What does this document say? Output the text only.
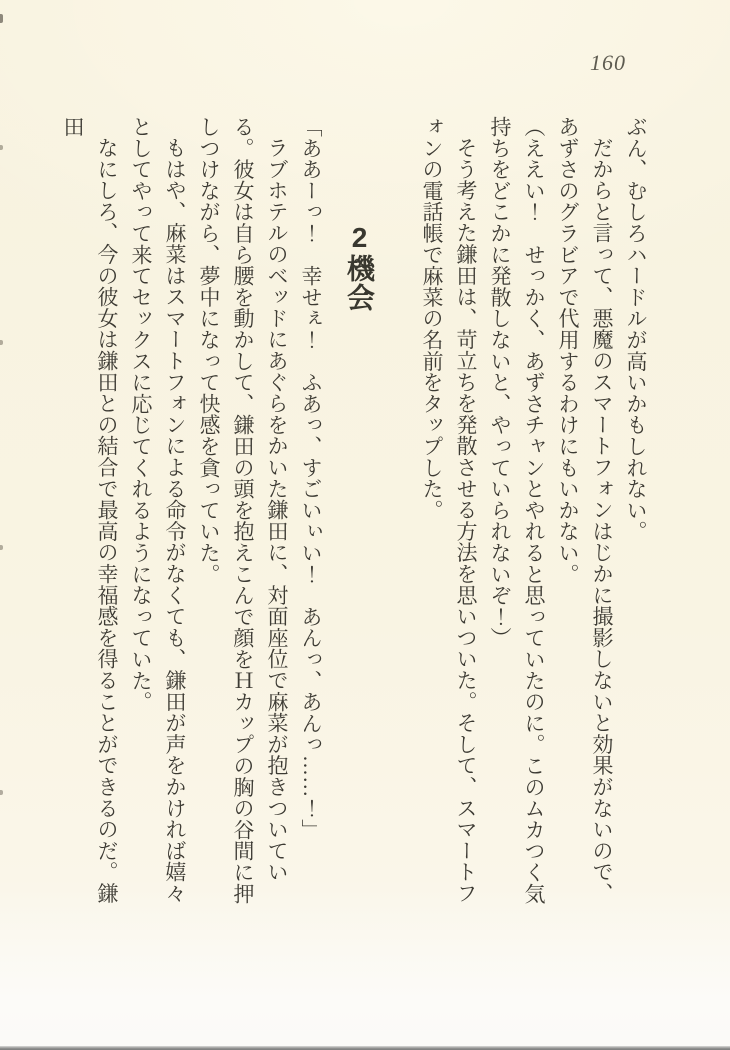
160

ぶん、むしろハードルが高いかもしれない。

だからと言って、悪魔のスマートフォンはじかに撮影しないと効果がないので、あずさのグラビアで代用するわけにもいかない。

（ええい！　せっかく、あずさチャンとやれると思っていたのに。このムカつく気持ちをどこかに発散しないと、やっていられないぞ！）

そう考えた鎌田は、苛立ちを発散させる方法を思いついた。そして、スマートフォンの電話帳で麻菜の名前をタップした。

2機会

「ああーっ！　幸せぇ！　ふあっ、すごいぃい！　あんっ、あんっ……！」

ラブホテルのベッドにあぐらをかいた鎌田に、対面座位で麻菜が抱きついている。彼女は自ら腰を動かして、鎌田の頭を抱えこんで顔をＨカップの胸の谷間に押しつけながら、夢中になって快感を貪っていた。

もはや、麻菜はスマートフォンによる命令がなくても、鎌田が声をかければ嬉々としてやって来てセックスに応じてくれるようになっていた。

なにしろ、今の彼女は鎌田との結合で最高の幸福感を得ることができるのだ。鎌田
